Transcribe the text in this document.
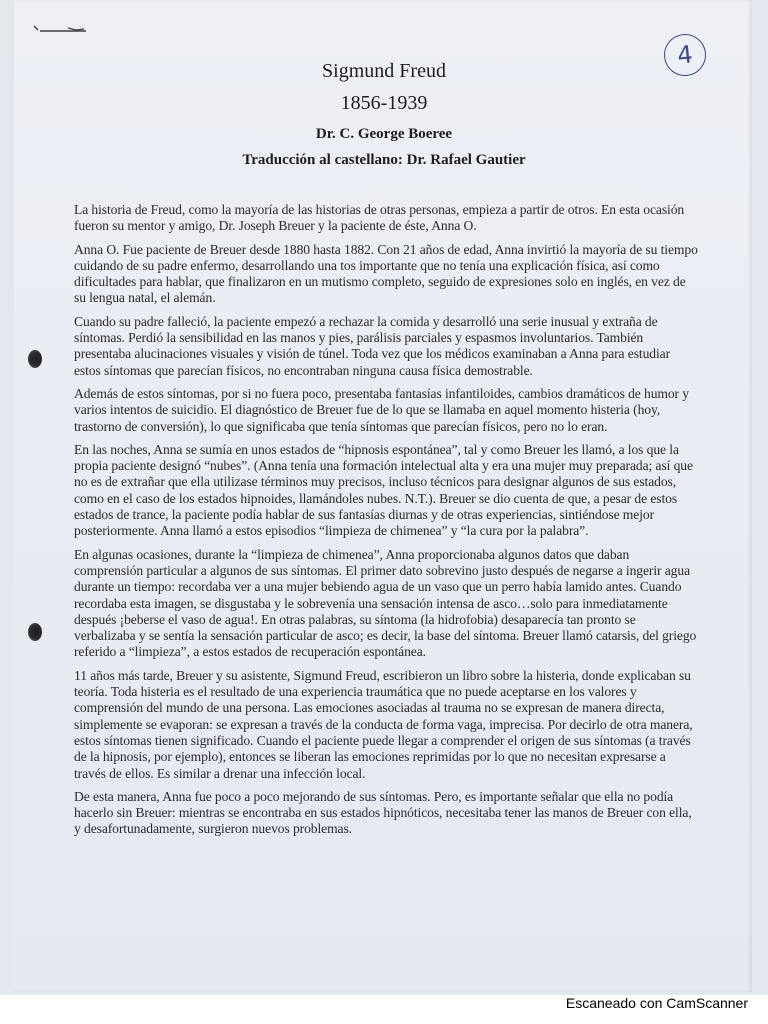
4
Sigmund Freud
1856-1939
Dr. C. George Boeree
Traducción al castellano: Dr. Rafael Gautier

La historia de Freud, como la mayoría de las historias de otras personas, empieza a partir de otros. En esta ocasión fueron su mentor y amigo, Dr. Joseph Breuer y la paciente de éste, Anna O.

Anna O. Fue paciente de Breuer desde 1880 hasta 1882. Con 21 años de edad, Anna invirtió la mayoría de su tiempo cuidando de su padre enfermo, desarrollando una tos importante que no tenía una explicación física, así como dificultades para hablar, que finalizaron en un mutismo completo, seguido de expresiones solo en inglés, en vez de su lengua natal, el alemán.

Cuando su padre falleció, la paciente empezó a rechazar la comida y desarrolló una serie inusual y extraña de síntomas. Perdió la sensibilidad en las manos y pies, parálisis parciales y espasmos involuntarios. También presentaba alucinaciones visuales y visión de túnel. Toda vez que los médicos examinaban a Anna para estudiar estos síntomas que parecían físicos, no encontraban ninguna causa física demostrable.

Además de estos síntomas, por si no fuera poco, presentaba fantasías infantiloides, cambios dramáticos de humor y varios intentos de suicidio. El diagnóstico de Breuer fue de lo que se llamaba en aquel momento histeria (hoy, trastorno de conversión), lo que significaba que tenía síntomas que parecían físicos, pero no lo eran.

En las noches, Anna se sumía en unos estados de “hipnosis espontánea”, tal y como Breuer les llamó, a los que la propia paciente designó “nubes”. (Anna tenía una formación intelectual alta y era una mujer muy preparada; así que no es de extrañar que ella utilizase términos muy precisos, incluso técnicos para designar algunos de sus estados, como en el caso de los estados hipnoides, llamándoles nubes. N.T.). Breuer se dio cuenta de que, a pesar de estos estados de trance, la paciente podía hablar de sus fantasías diurnas y de otras experiencias, sintiéndose mejor posteriormente. Anna llamó a estos episodios “limpieza de chimenea” y “la cura por la palabra”.

En algunas ocasiones, durante la “limpieza de chimenea”, Anna proporcionaba algunos datos que daban comprensión particular a algunos de sus síntomas. El primer dato sobrevino justo después de negarse a ingerir agua durante un tiempo: recordaba ver a una mujer bebiendo agua de un vaso que un perro había lamido antes. Cuando recordaba esta imagen, se disgustaba y le sobrevenía una sensación intensa de asco…solo para inmediatamente después ¡beberse el vaso de agua!. En otras palabras, su síntoma (la hidrofobia) desaparecía tan pronto se verbalizaba y se sentía la sensación particular de asco; es decir, la base del síntoma. Breuer llamó catarsis, del griego referido a “limpieza”, a estos estados de recuperación espontánea.

11 años más tarde, Breuer y su asistente, Sigmund Freud, escribieron un libro sobre la histeria, donde explicaban su teoría. Toda histeria es el resultado de una experiencia traumática que no puede aceptarse en los valores y comprensión del mundo de una persona. Las emociones asociadas al trauma no se expresan de manera directa, simplemente se evaporan: se expresan a través de la conducta de forma vaga, imprecisa. Por decirlo de otra manera, estos síntomas tienen significado. Cuando el paciente puede llegar a comprender el origen de sus síntomas (a través de la hipnosis, por ejemplo), entonces se liberan las emociones reprimidas por lo que no necesitan expresarse a través de ellos. Es similar a drenar una infección local.

De esta manera, Anna fue poco a poco mejorando de sus síntomas. Pero, es importante señalar que ella no podía hacerlo sin Breuer: mientras se encontraba en sus estados hipnóticos, necesitaba tener las manos de Breuer con ella, y desafortunadamente, surgieron nuevos problemas.

Escaneado con CamScanner
